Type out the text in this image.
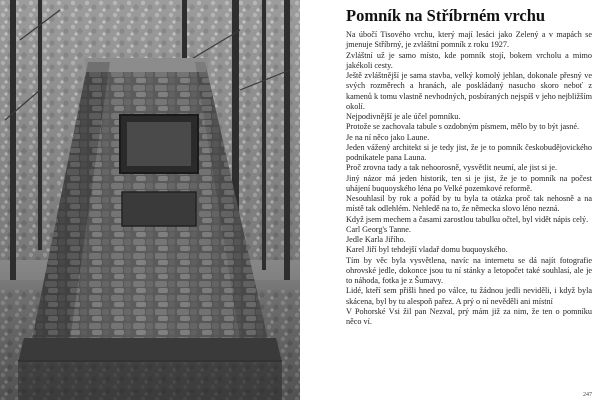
Pomník na Stříbrném vrchu
Na úbočí Tisového vrchu, který mají lesáci jako Zelený a v mapách se jmenuje Stříbrný, je zvláštní pomník z roku 1927.
Zvláštní už je samo místo, kde pomník stojí, bokem vrcholu a mimo jakékoli cesty.
Ještě zvláštnější je sama stavba, velký komolý jehlan, dokonale přesný ve svých rozměrech a hranách, ale poskládaný nasucho skoro neboť z kamenů k tomu vlastně nevhodných, posbíraných nejspíš v jeho nejbližším okolí.
Nejpodivnější je ale účel pomníku.
Protože se zachovala tabule s ozdobným písmem, mělo by to být jasné.
Je na ní něco jako Laune.
Jeden vážený architekt si je tedy jist, že je to pomník českobudějovického podnikatele pana Launa.
Proč zrovna tady a tak nehoorosně, vysvětlit neumí, ale jist si je.
Jiný názor má jeden historik, ten si je jist, že je to pomník na počest uhájení buquoyského léna po Velké pozemkové reformě.
Nesouhlasil by rok a pořád by tu byla ta otázka proč tak nehosně a na místě tak odlehlém. Nehledě na to, že německa slovo léno nezná.
Když jsem mechem a časami zarostlou tabulku očtel, byl vidět nápis celý.
Carl Georg's Tanne.
Jedle Karla Jiřího.
Karel Jiří byl tehdejší vladař domu buquoyského.
Tím by věc byla vysvětlena, navíc na internetu se dá najít fotografie ohrovské jedle, dokonce jsou tu ní stánky a letopočet také souhlasí, ale je to náhoda, fotka je z Šumavy.
Lidé, kteří sem přišli hned po válce, tu žádnou jedli neviděli, i když byla skácena, byl by tu alespoň pařez. A prý o ní nevěděli ani místní
V Pohorské Vsi žil pan Nezval, prý mám již za nim, že ten o pomníku něco ví.
247
